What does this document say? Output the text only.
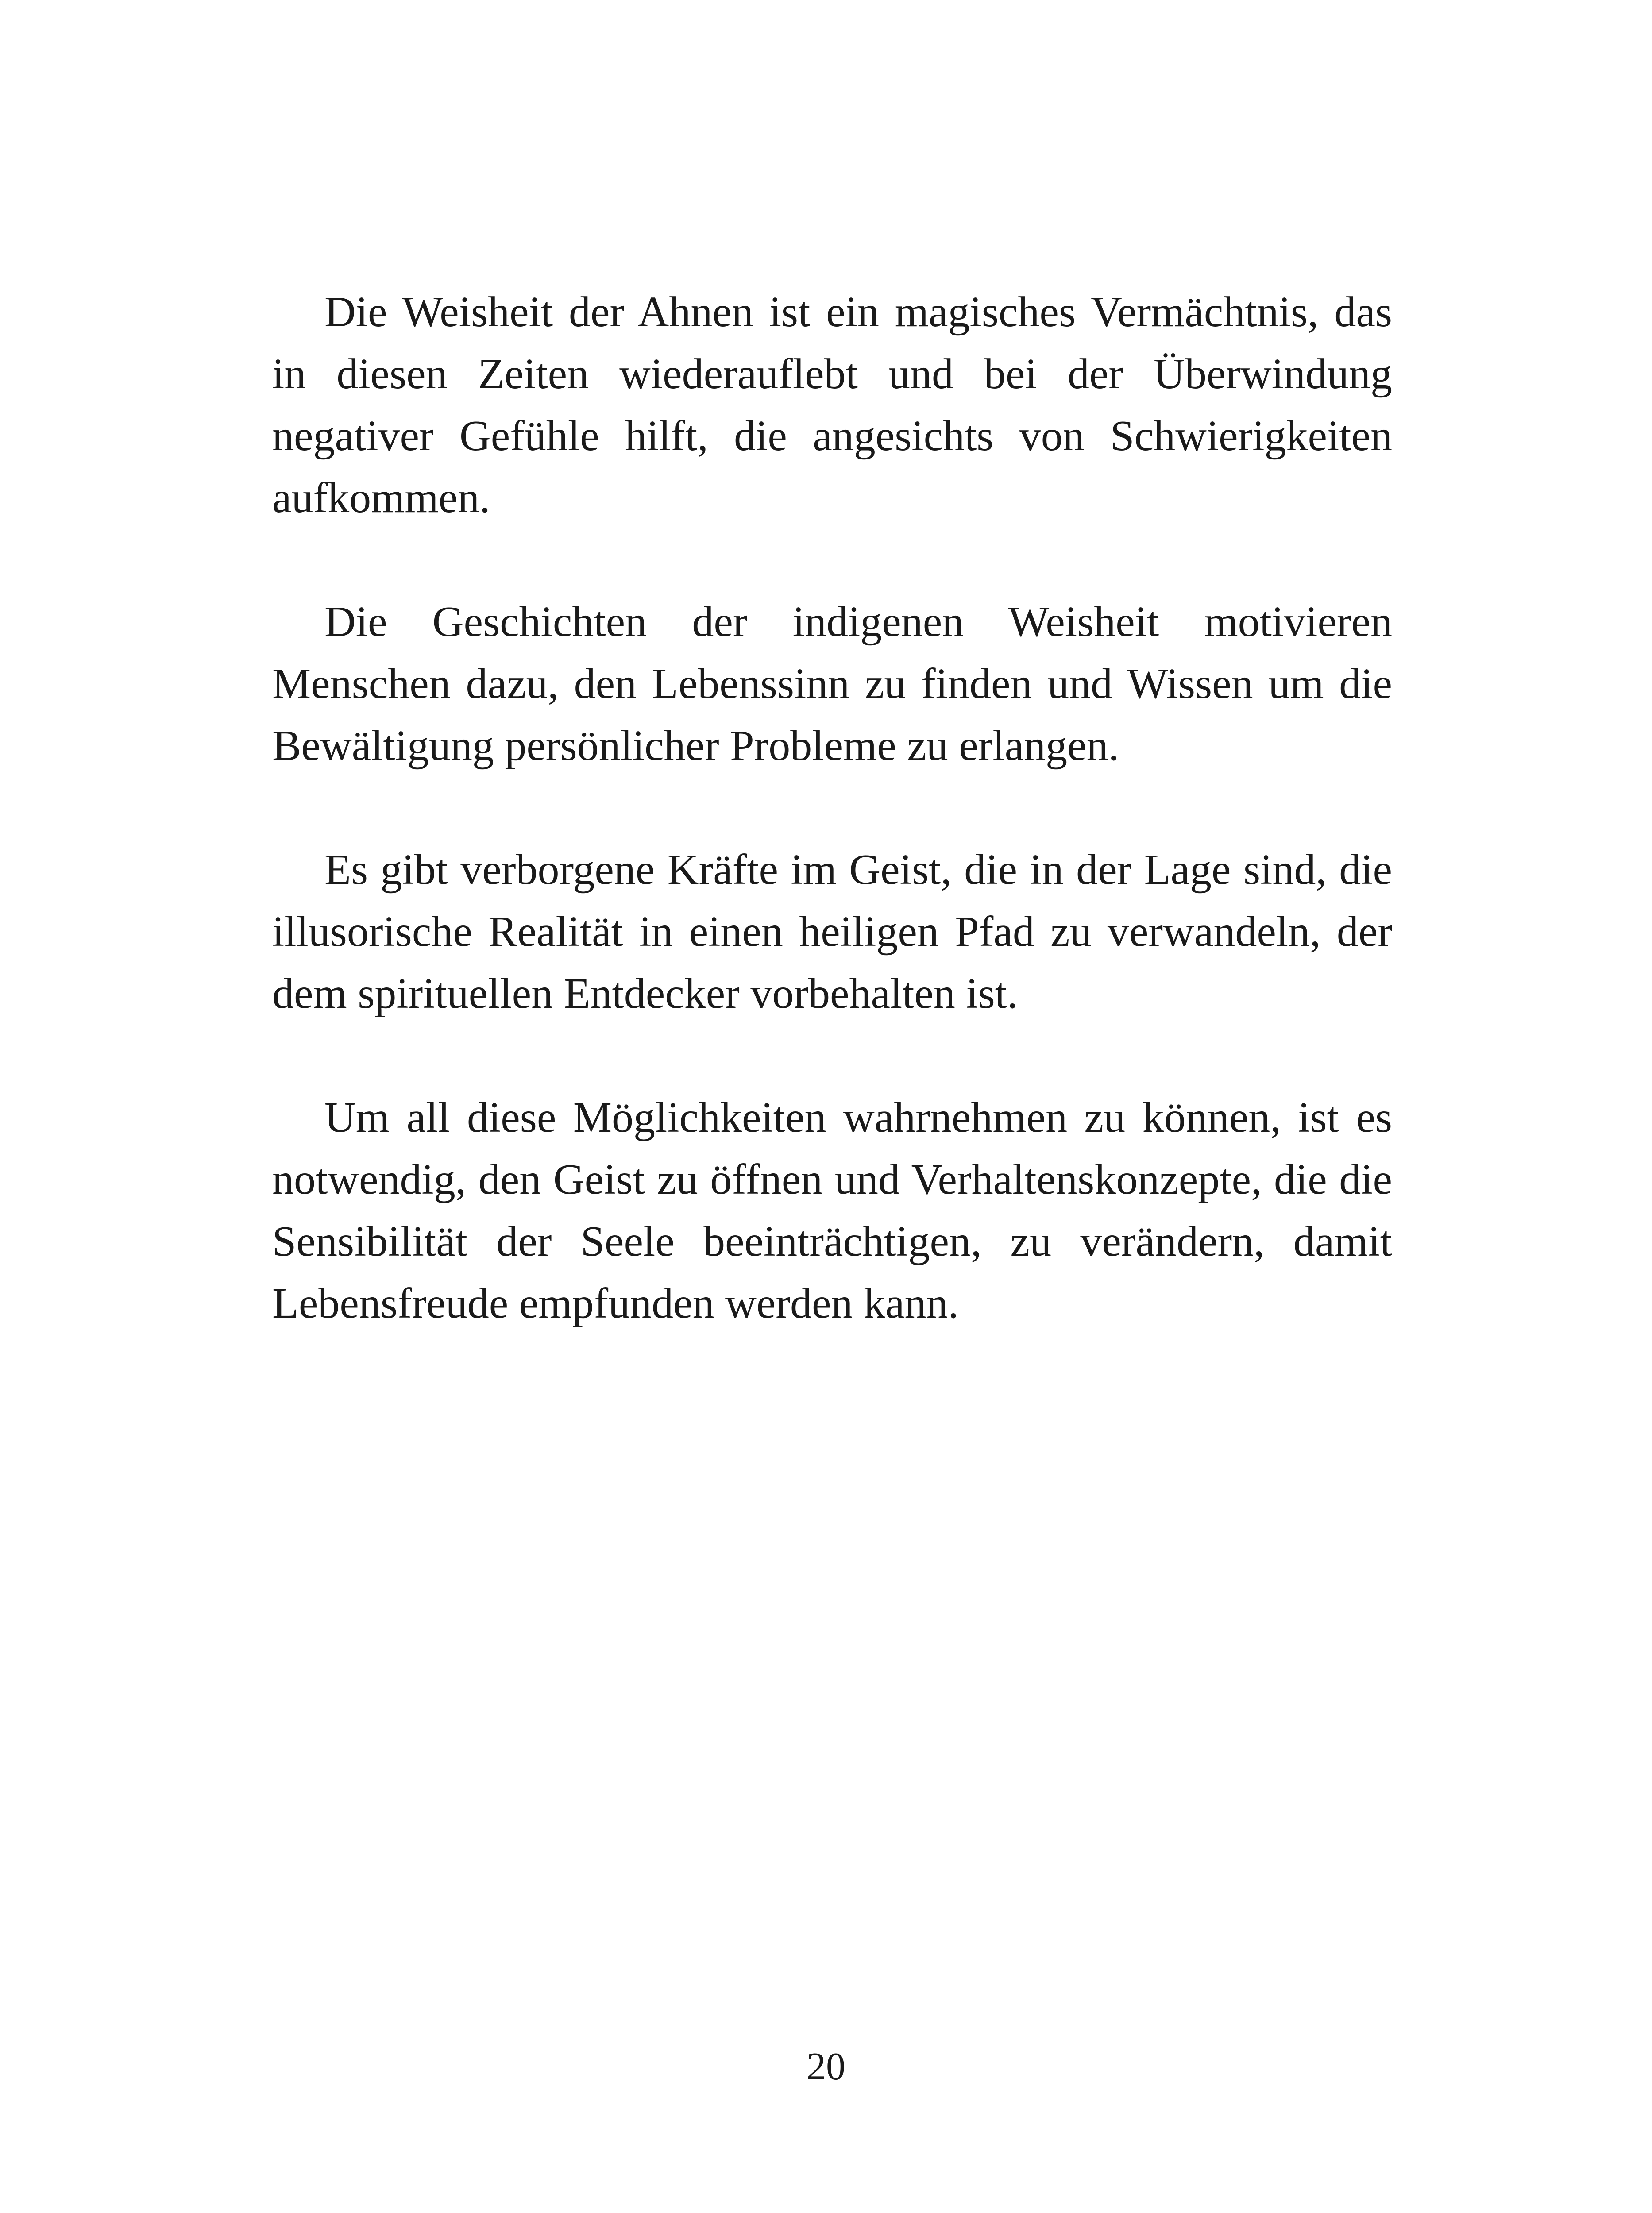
Die Weisheit der Ahnen ist ein magisches Vermächtnis, das in diesen Zeiten wiederauflebt und bei der Überwindung negativer Gefühle hilft, die angesichts von Schwierigkeiten aufkommen.

Die Geschichten der indigenen Weisheit motivieren Menschen dazu, den Lebenssinn zu finden und Wissen um die Bewältigung persönlicher Probleme zu erlangen.

Es gibt verborgene Kräfte im Geist, die in der Lage sind, die illusorische Realität in einen heiligen Pfad zu verwandeln, der dem spirituellen Entdecker vorbehalten ist.

Um all diese Möglichkeiten wahrnehmen zu können, ist es notwendig, den Geist zu öffnen und Verhaltenskonzepte, die die Sensibilität der Seele beeinträchtigen, zu verändern, damit Lebensfreude empfunden werden kann.

20
